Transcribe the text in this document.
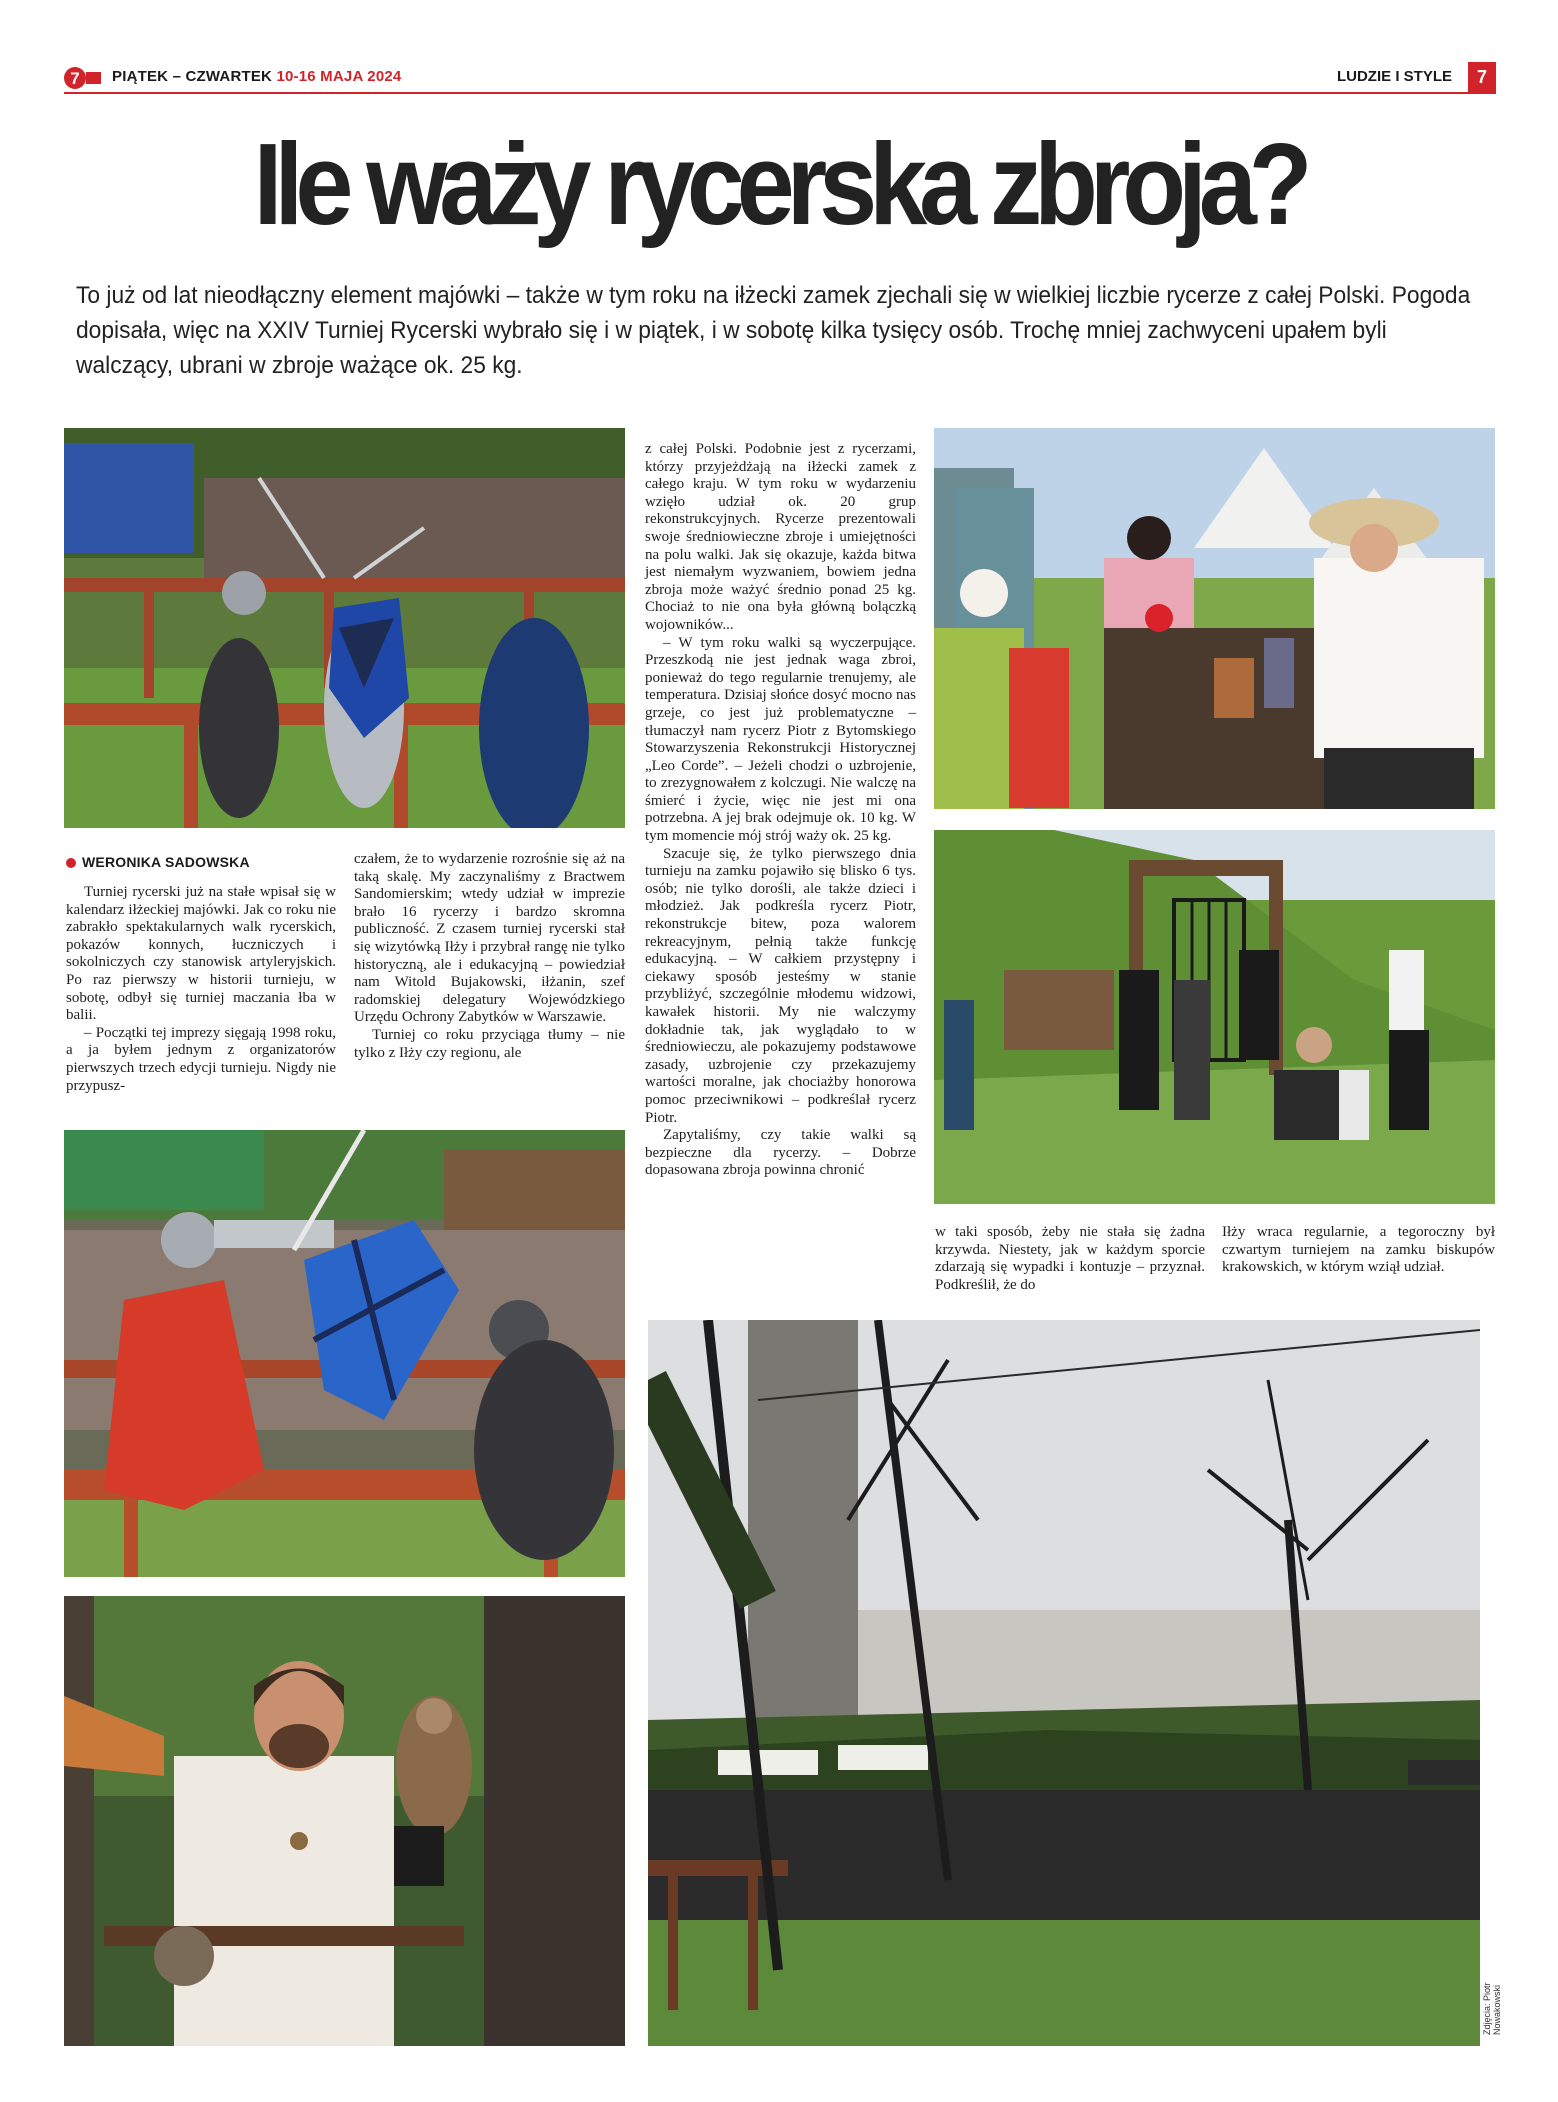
7 PIĄTEK – CZWARTEK 10-16 MAJA 2024	LUDZIE I STYLE	7
Ile waży rycerska zbroja?
To już od lat nieodłączny element majówki – także w tym roku na iłżecki zamek zjechali się w wielkiej liczbie rycerze z całej Polski. Pogoda dopisała, więc na XXIV Turniej Rycerski wybrało się i w piątek, i w sobotę kilka tysięcy osób. Trochę mniej zachwyceni upałem byli walczący, ubrani w zbroje ważące ok. 25 kg.
WERONIKA SADOWSKA

Turniej rycerski już na stałe wpisał się w kalendarz iłżeckiej majówki. Jak co roku nie zabrakło spektakularnych walk rycerskich, pokazów konnych, łuczniczych i sokolniczych czy stanowisk artyleryjskich. Po raz pierwszy w historii turnieju, w sobotę, odbył się turniej maczania łba w balii.

– Początki tej imprezy sięgają 1998 roku, a ja byłem jednym z organizatorów pierwszych trzech edycji turnieju. Nigdy nie przypusz-

czałem, że to wydarzenie rozrośnie się aż na taką skalę. My zaczynaliśmy z Bractwem Sandomierskim; wtedy udział w imprezie brało 16 rycerzy i bardzo skromna publiczność. Z czasem turniej rycerski stał się wizytówką Iłży i przybrał rangę nie tylko historyczną, ale i edukacyjną – powiedział nam Witold Bujakowski, iłżanin, szef radomskiej delegatury Wojewódzkiego Urzędu Ochrony Zabytków w Warszawie.

Turniej co roku przyciąga tłumy – nie tylko z Iłży czy regionu, ale

z całej Polski. Podobnie jest z rycerzami, którzy przyjeżdżają na iłżecki zamek z całego kraju. W tym roku w wydarzeniu wzięło udział ok. 20 grup rekonstrukcyjnych. Rycerze prezentowali swoje średniowieczne zbroje i umiejętności na polu walki. Jak się okazuje, każda bitwa jest niemałym wyzwaniem, bowiem jedna zbroja może ważyć średnio ponad 25 kg. Chociaż to nie ona była główną bolączką wojowników...

– W tym roku walki są wyczerpujące. Przeszkodą nie jest jednak waga zbroi, ponieważ do tego regularnie trenujemy, ale temperatura. Dzisiaj słońce dosyć mocno nas grzeje, co jest już problematyczne – tłumaczył nam rycerz Piotr z Bytomskiego Stowarzyszenia Rekonstrukcji Historycznej „Leo Corde”. – Jeżeli chodzi o uzbrojenie, to zrezygnowałem z kolczugi. Nie walczę na śmierć i życie, więc nie jest mi ona potrzebna. A jej brak odejmuje ok. 10 kg. W tym momencie mój strój waży ok. 25 kg.

Szacuje się, że tylko pierwszego dnia turnieju na zamku pojawiło się blisko 6 tys. osób; nie tylko dorośli, ale także dzieci i młodzież. Jak podkreśla rycerz Piotr, rekonstrukcje bitew, poza walorem rekreacyjnym, pełnią także funkcję edukacyjną. – W całkiem przystępny i ciekawy sposób jesteśmy w stanie przybliżyć, szczególnie młodemu widzowi, kawałek historii. My nie walczymy dokładnie tak, jak wyglądało to w średniowieczu, ale pokazujemy podstawowe zasady, uzbrojenie czy przekazujemy wartości moralne, jak chociażby honorowa pomoc przeciwnikowi – podkreślał rycerz Piotr.

Zapytaliśmy, czy takie walki są bezpieczne dla rycerzy. – Dobrze dopasowana zbroja powinna chronić

w taki sposób, żeby nie stała się żadna krzywda. Niestety, jak w każdym sporcie zdarzają się wypadki i kontuzje – przyznał. Podkreślił, że do

Iłży wraca regularnie, a tegoroczny był czwartym turniejem na zamku biskupów krakowskich, w którym wziął udział.

Zdjęcia: Piotr Nowakowski
